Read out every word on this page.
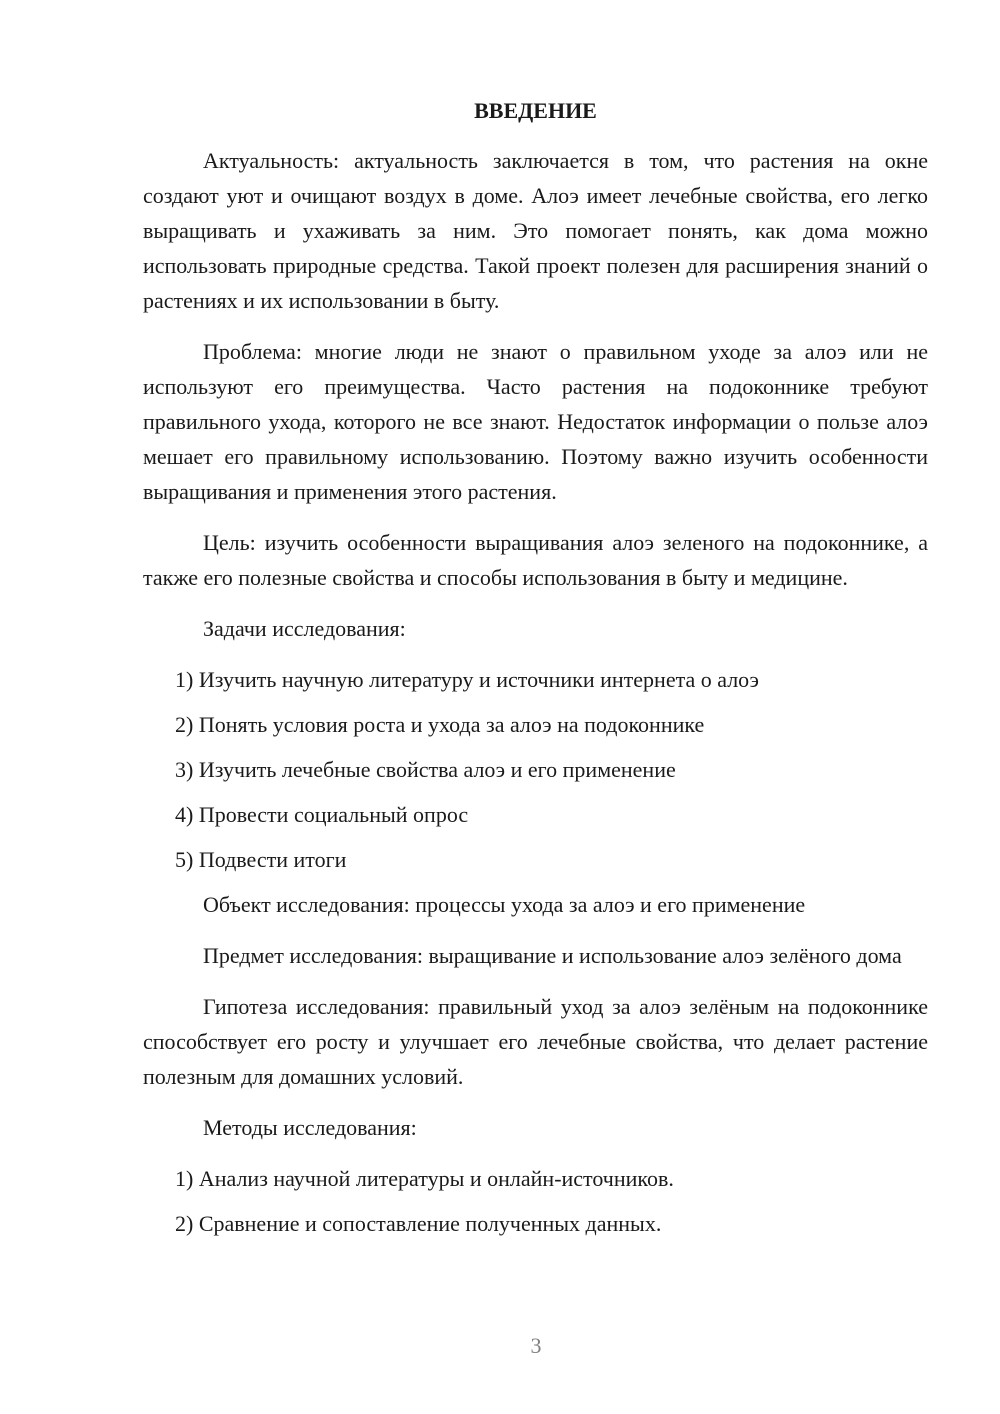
ВВЕДЕНИЕ

Актуальность: актуальность заключается в том, что растения на окне создают уют и очищают воздух в доме. Алоэ имеет лечебные свойства, его легко выращивать и ухаживать за ним. Это помогает понять, как дома можно использовать природные средства. Такой проект полезен для расширения знаний о растениях и их использовании в быту.

Проблема: многие люди не знают о правильном уходе за алоэ или не используют его преимущества. Часто растения на подоконнике требуют правильного ухода, которого не все знают. Недостаток информации о пользе алоэ мешает его правильному использованию. Поэтому важно изучить особенности выращивания и применения этого растения.

Цель: изучить особенности выращивания алоэ зеленого на подоконнике, а также его полезные свойства и способы использования в быту и медицине.

Задачи исследования:

1) Изучить научную литературу и источники интернета о алоэ

2) Понять условия роста и ухода за алоэ на подоконнике

3) Изучить лечебные свойства алоэ и его применение

4) Провести социальный опрос

5) Подвести итоги

Объект исследования: процессы ухода за алоэ и его применение

Предмет исследования: выращивание и использование алоэ зелёного дома

Гипотеза исследования: правильный уход за алоэ зелёным на подоконнике способствует его росту и улучшает его лечебные свойства, что делает растение полезным для домашних условий.

Методы исследования:

1) Анализ научной литературы и онлайн-источников.

2) Сравнение и сопоставление полученных данных.

3
